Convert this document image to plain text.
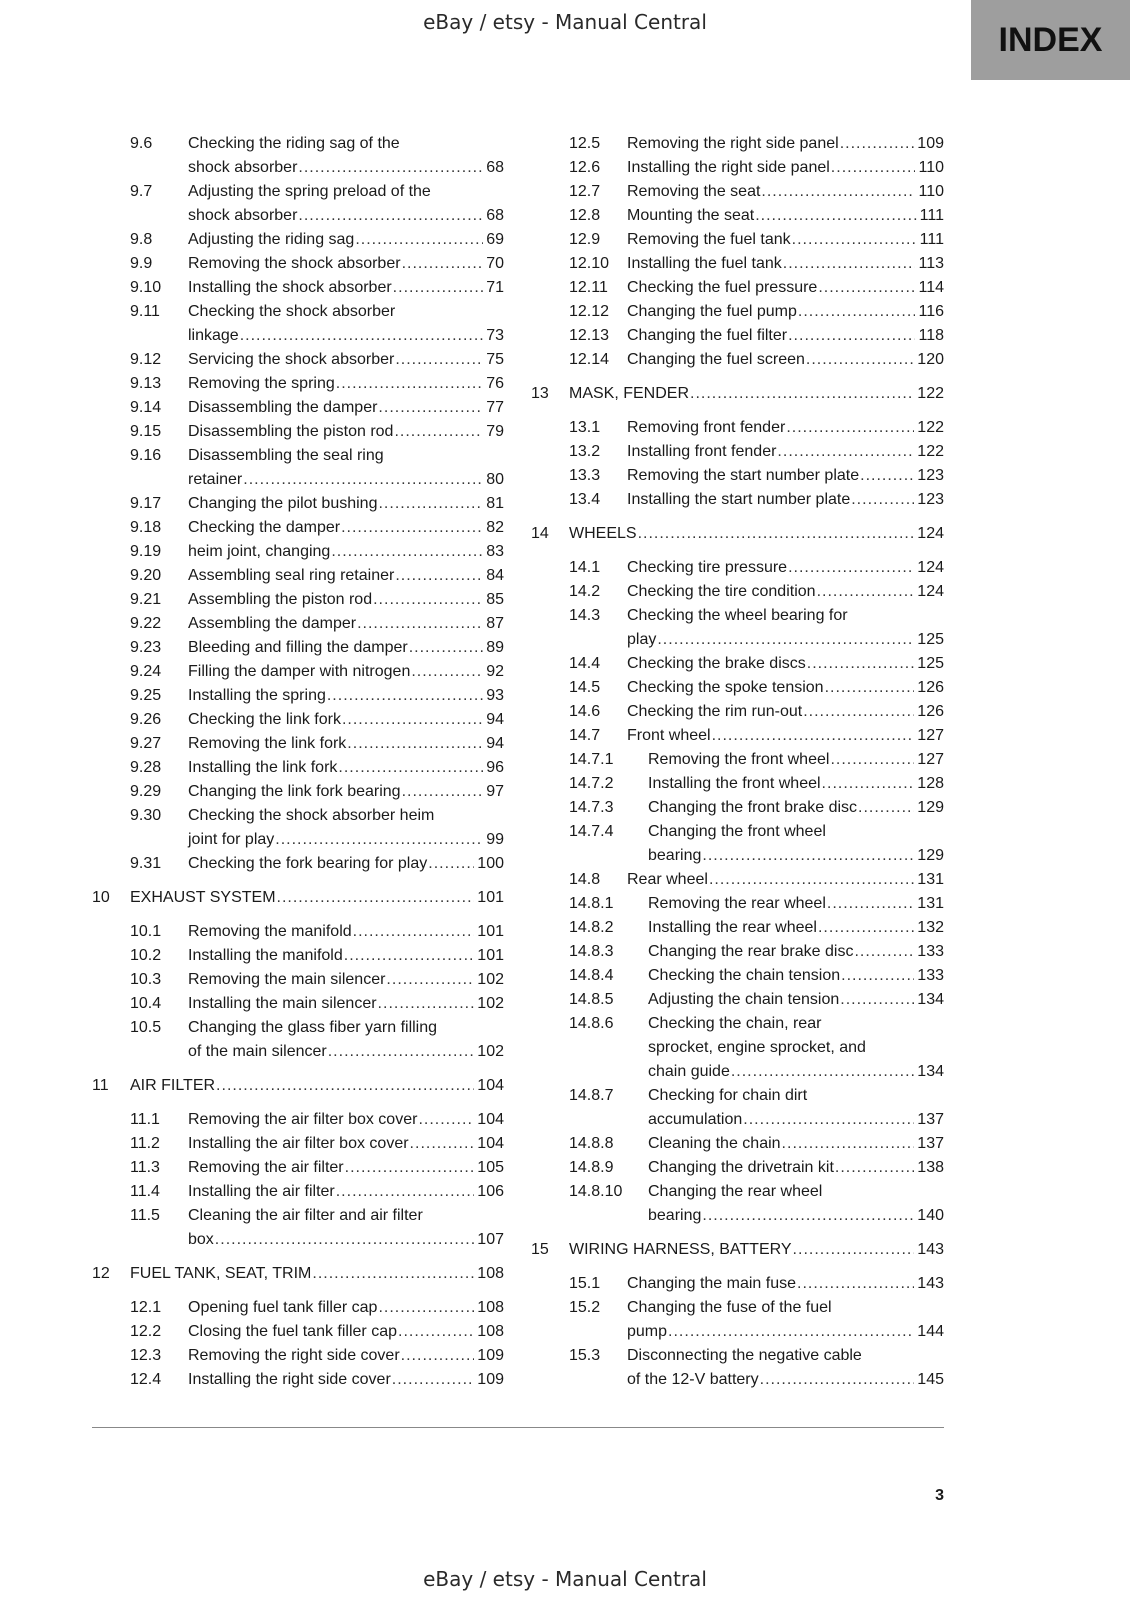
eBay / etsy - Manual Central	INDEX
9.6	Checking the riding sag of the
shock absorber .....	68
9.7	Adjusting the spring preload of the
shock absorber .....	68
9.8	Adjusting the riding sag .....	69
9.9	Removing the shock absorber .....	70
9.10	Installing the shock absorber .....	71
9.11	Checking the shock absorber
linkage .....	73
9.12	Servicing the shock absorber .....	75
9.13	Removing the spring .....	76
9.14	Disassembling the damper .....	77
9.15	Disassembling the piston rod .....	79
9.16	Disassembling the seal ring
retainer .....	80
9.17	Changing the pilot bushing .....	81
9.18	Checking the damper .....	82
9.19	heim joint, changing .....	83
9.20	Assembling seal ring retainer .....	84
9.21	Assembling the piston rod .....	85
9.22	Assembling the damper .....	87
9.23	Bleeding and filling the damper .....	89
9.24	Filling the damper with nitrogen .....	92
9.25	Installing the spring .....	93
9.26	Checking the link fork .....	94
9.27	Removing the link fork .....	94
9.28	Installing the link fork .....	96
9.29	Changing the link fork bearing .....	97
9.30	Checking the shock absorber heim
joint for play .....	99
9.31	Checking the fork bearing for play .....	100
10	EXHAUST SYSTEM .....	101
10.1	Removing the manifold .....	101
10.2	Installing the manifold .....	101
10.3	Removing the main silencer .....	102
10.4	Installing the main silencer .....	102
10.5	Changing the glass fiber yarn filling
of the main silencer .....	102
11	AIR FILTER .....	104
11.1	Removing the air filter box cover .....	104
11.2	Installing the air filter box cover .....	104
11.3	Removing the air filter .....	105
11.4	Installing the air filter .....	106
11.5	Cleaning the air filter and air filter
box .....	107
12	FUEL TANK, SEAT, TRIM .....	108
12.1	Opening fuel tank filler cap .....	108
12.2	Closing the fuel tank filler cap .....	108
12.3	Removing the right side cover .....	109
12.4	Installing the right side cover .....	109
12.5	Removing the right side panel .....	109
12.6	Installing the right side panel .....	110
12.7	Removing the seat .....	110
12.8	Mounting the seat .....	111
12.9	Removing the fuel tank .....	111
12.10	Installing the fuel tank .....	113
12.11	Checking the fuel pressure .....	114
12.12	Changing the fuel pump .....	116
12.13	Changing the fuel filter .....	118
12.14	Changing the fuel screen .....	120
13	MASK, FENDER .....	122
13.1	Removing front fender .....	122
13.2	Installing front fender .....	122
13.3	Removing the start number plate .....	123
13.4	Installing the start number plate .....	123
14	WHEELS .....	124
14.1	Checking tire pressure .....	124
14.2	Checking the tire condition .....	124
14.3	Checking the wheel bearing for
play .....	125
14.4	Checking the brake discs .....	125
14.5	Checking the spoke tension .....	126
14.6	Checking the rim run-out .....	126
14.7	Front wheel .....	127
14.7.1	Removing the front wheel .....	127
14.7.2	Installing the front wheel .....	128
14.7.3	Changing the front brake disc .....	129
14.7.4	Changing the front wheel
bearing .....	129
14.8	Rear wheel .....	131
14.8.1	Removing the rear wheel .....	131
14.8.2	Installing the rear wheel .....	132
14.8.3	Changing the rear brake disc .....	133
14.8.4	Checking the chain tension .....	133
14.8.5	Adjusting the chain tension .....	134
14.8.6	Checking the chain, rear
sprocket, engine sprocket, and
chain guide .....	134
14.8.7	Checking for chain dirt
accumulation .....	137
14.8.8	Cleaning the chain .....	137
14.8.9	Changing the drivetrain kit .....	138
14.8.10	Changing the rear wheel
bearing .....	140
15	WIRING HARNESS, BATTERY .....	143
15.1	Changing the main fuse .....	143
15.2	Changing the fuse of the fuel
pump .....	144
15.3	Disconnecting the negative cable
of the 12-V battery .....	145
3
eBay / etsy - Manual Central
